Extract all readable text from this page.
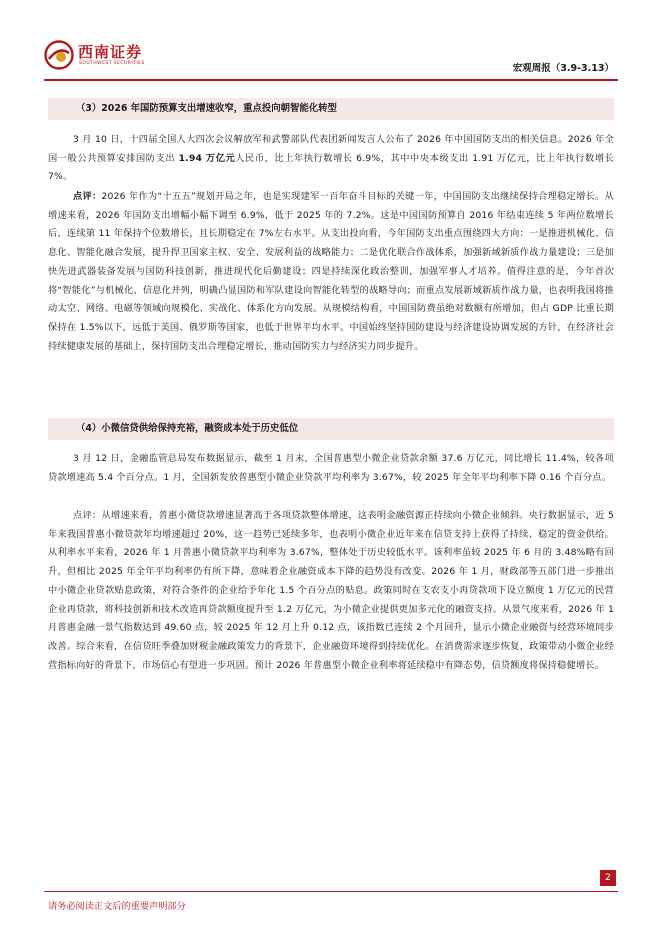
西南证券
SOUTHWEST SECURITIES	宏观周报（3.9-3.13）
（3）2026 年国防预算支出增速收窄，重点投向朝智能化转型

3 月 10 日，十四届全国人大四次会议解放军和武警部队代表团新闻发言人公布了 2026 年中国国防支出的相关信息。2026 年全国一般公共预算安排国防支出 1.94 万亿元人民币，比上年执行数增长 6.9%，其中中央本级支出 1.91 万亿元，比上年执行数增长 7%。

点评：2026 年作为“十五五”规划开局之年，也是实现建军一百年奋斗目标的关键一年，中国国防支出继续保持合理稳定增长。从增速来看，2026 年国防支出增幅小幅下调至 6.9%，低于 2025 年的 7.2%。这是中国国防预算自 2016 年结束连续 5 年两位数增长后，连续第 11 年保持个位数增长，且长期稳定在 7%左右水平。从支出投向看，今年国防支出重点围绕四大方向：一是推进机械化、信息化、智能化融合发展，提升捍卫国家主权、安全、发展利益的战略能力；二是优化联合作战体系，加强新域新质作战力量建设；三是加快先进武器装备发展与国防科技创新，推进现代化后勤建设；四是持续深化政治整训，加强军事人才培养。值得注意的是，今年首次将“智能化”与机械化、信息化并列，明确凸显国防和军队建设向智能化转型的战略导向；而重点发展新域新质作战力量，也表明我国将推动太空、网络、电磁等领域向规模化、实战化、体系化方向发展。从规模结构看，中国国防费虽绝对数额有所增加，但占 GDP 比重长期保持在 1.5%以下，远低于美国、俄罗斯等国家，也低于世界平均水平。中国始终坚持国防建设与经济建设协调发展的方针，在经济社会持续健康发展的基础上，保持国防支出合理稳定增长，推动国防实力与经济实力同步提升。

（4）小微信贷供给保持充裕，融资成本处于历史低位

3 月 12 日，金融监管总局发布数据显示，截至 1 月末，全国普惠型小微企业贷款余额 37.6 万亿元，同比增长 11.4%，较各项贷款增速高 5.4 个百分点。1 月，全国新发放普惠型小微企业贷款平均利率为 3.67%，较 2025 年全年平均利率下降 0.16 个百分点。

点评：从增速来看，普惠小微贷款增速显著高于各项贷款整体增速，这表明金融资源正持续向小微企业倾斜。央行数据显示，近 5 年来我国普惠小微贷款年均增速超过 20%，这一趋势已延续多年，也表明小微企业近年来在信贷支持上获得了持续、稳定的资金供给。从利率水平来看，2026 年 1 月普惠小微贷款平均利率为 3.67%，整体处于历史较低水平。该利率虽较 2025 年 6 月的 3.48%略有回升，但相比 2025 年全年平均利率仍有所下降，意味着企业融资成本下降的趋势没有改变。2026 年 1 月，财政部等五部门进一步推出中小微企业贷款贴息政策，对符合条件的企业给予年化 1.5 个百分点的贴息。政策同时在支农支小再贷款项下设立额度 1 万亿元的民营企业再贷款，将科技创新和技术改造再贷款额度提升至 1.2 万亿元，为小微企业提供更加多元化的融资支持。从景气度来看，2026 年 1 月普惠金融一景气指数达到 49.60 点，较 2025 年 12 月上升 0.12 点，该指数已连续 2 个月回升，显示小微企业融资与经营环境同步改善。综合来看，在信贷旺季叠加财税金融政策发力的背景下，企业融资环境得到持续优化。在消费需求逐步恢复，政策带动小微企业经营指标向好的背景下，市场信心有望进一步巩固。预计 2026 年普惠型小微企业利率将延续稳中有降态势，信贷额度将保持稳健增长。

2
请务必阅读正文后的重要声明部分
